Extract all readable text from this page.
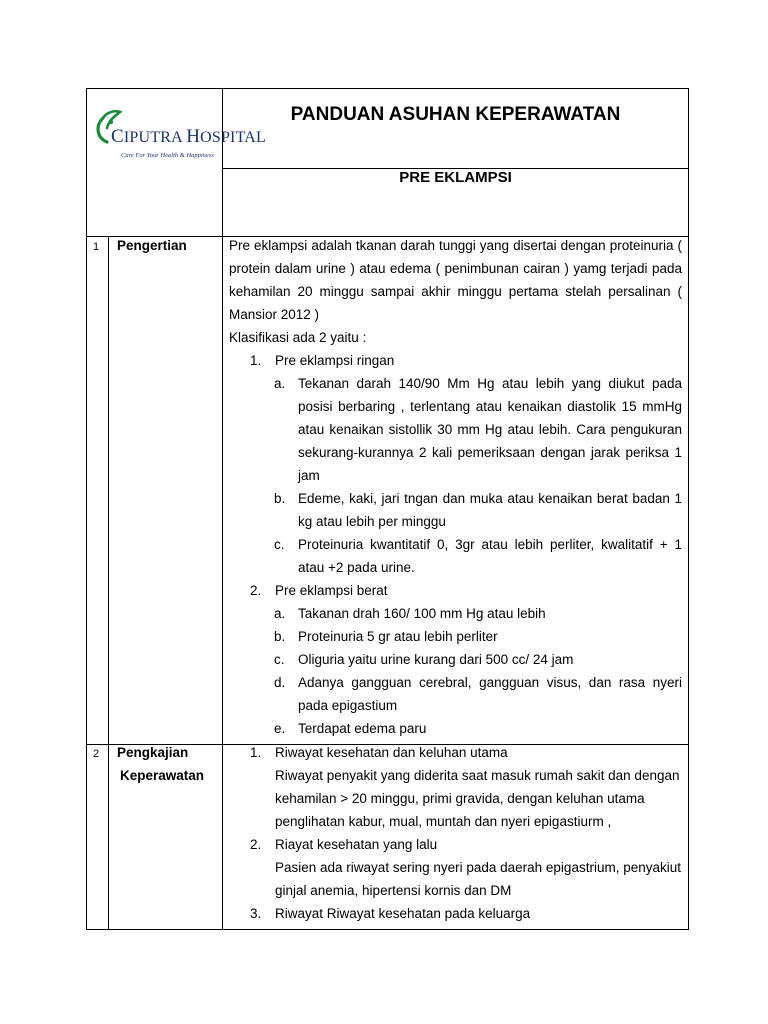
CIPUTRA HOSPITAL
Care For Your Health & Happiness
PANDUAN ASUHAN KEPERAWATAN
PRE EKLAMPSI
1 Pengertian	Pre eklampsi adalah tkanan darah tunggi yang disertai dengan proteinuria ( protein dalam urine ) atau edema ( penimbunan cairan ) yamg terjadi pada kehamilan 20 minggu sampai akhir minggu pertama stelah persalinan ( Mansior 2012 )

Klasifikasi ada 2 yaitu :

1. Pre eklampsi ringan
a. Tekanan darah 140/90 Mm Hg atau lebih yang diukut pada posisi berbaring , terlentang atau kenaikan diastolik 15 mmHg atau kenaikan sistollik 30 mm Hg atau lebih. Cara pengukuran sekurang-kurannya 2 kali pemeriksaan dengan jarak periksa 1 jam
b. Edeme, kaki, jari tngan dan muka atau kenaikan berat badan 1 kg atau lebih per minggu
c. Proteinuria kwantitatif 0, 3gr atau lebih perliter, kwalitatif + 1 atau +2 pada urine.
2. Pre eklampsi berat
a. Takanan drah 160/ 100 mm Hg atau lebih
b. Proteinuria 5 gr atau lebih perliter
c. Oliguria yaitu urine kurang dari 500 cc/ 24 jam
d. Adanya gangguan cerebral, gangguan visus, dan rasa nyeri pada epigastium
e. Terdapat edema paru
2 Pengkajian
Keperawatan
1. Riwayat kesehatan dan keluhan utama

Riwayat penyakit yang diderita saat masuk rumah sakit dan dengan kehamilan > 20 minggu, primi gravida, dengan keluhan utama penglihatan kabur, mual, muntah dan nyeri epigastiurm ,

2. Riayat kesehatan yang lalu

Pasien ada riwayat sering nyeri pada daerah epigastrium, penyakiut ginjal anemia, hipertensi kornis dan DM

3. Riwayat Riwayat kesehatan pada keluarga
